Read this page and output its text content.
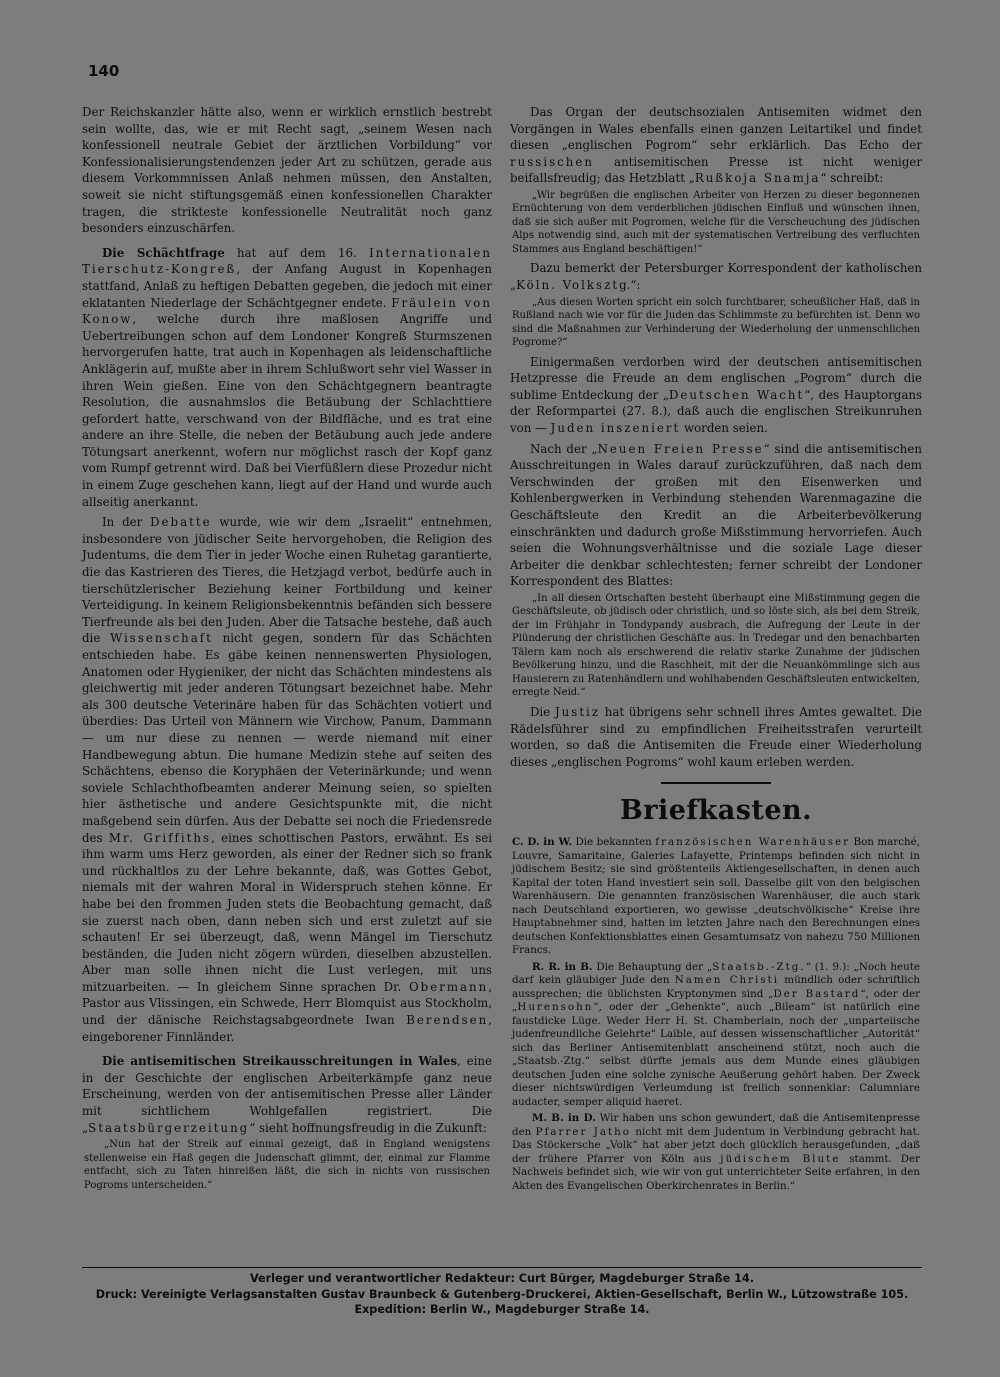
140

Der Reichskanzler hätte also, wenn er wirklich ernstlich bestrebt sein wollte, das, wie er mit Recht sagt, „seinem Wesen nach konfessionell neutrale Gebiet der ärztlichen Vorbildung“ vor Konfessionalisierungstendenzen jeder Art zu schützen, gerade aus diesem Vorkommnissen Anlaß nehmen müssen, den Anstalten, soweit sie nicht stiftungsgemäß einen konfessionellen Charakter tragen, die strikteste konfessionelle Neutralität noch ganz besonders einzuschärfen.

Die Schächtfrage hat auf dem 16. Internationalen Tierschutz-Kongreß, der Anfang August in Kopenhagen stattfand, Anlaß zu heftigen Debatten gegeben, die jedoch mit einer eklatanten Niederlage der Schächtgegner endete. Fräulein von Konow, welche durch ihre maßlosen Angriffe und Uebertreibungen schon auf dem Londoner Kongreß Sturmszenen hervorgerufen hatte, trat auch in Kopenhagen als leidenschaftliche Anklägerin auf, mußte aber in ihrem Schlußwort sehr viel Wasser in ihren Wein gießen. Eine von den Schächtgegnern beantragte Resolution, die ausnahmslos die Betäubung der Schlachttiere gefordert hatte, verschwand von der Bildfläche, und es trat eine andere an ihre Stelle, die neben der Betäubung auch jede andere Tötungsart anerkennt, wofern nur möglichst rasch der Kopf ganz vom Rumpf getrennt wird. Daß bei Vierfüßlern diese Prozedur nicht in einem Zuge geschehen kann, liegt auf der Hand und wurde auch allseitig anerkannt.

In der Debatte wurde, wie wir dem „Israelit“ entnehmen, insbesondere von jüdischer Seite hervorgehoben, die Religion des Judentums, die dem Tier in jeder Woche einen Ruhetag garantierte, die das Kastrieren des Tieres, die Hetzjagd verbot, bedürfe auch in tierschützlerischer Beziehung keiner Fortbildung und keiner Verteidigung. In keinem Religionsbekenntnis befänden sich bessere Tierfreunde als bei den Juden. Aber die Tatsache bestehe, daß auch die Wissenschaft nicht gegen, sondern für das Schächten entschieden habe. Es gäbe keinen nennenswerten Physiologen, Anatomen oder Hygieniker, der nicht das Schächten mindestens als gleichwertig mit jeder anderen Tötungsart bezeichnet habe. Mehr als 300 deutsche Veterinäre haben für das Schächten votiert und überdies: Das Urteil von Männern wie Virchow, Panum, Dammann — um nur diese zu nennen — werde niemand mit einer Handbewegung abtun. Die humane Medizin stehe auf seiten des Schächtens, ebenso die Koryphäen der Veterinärkunde; und wenn soviele Schlachthofbeamten anderer Meinung seien, so spielten hier ästhetische und andere Gesichtspunkte mit, die nicht maßgebend sein dürfen. Aus der Debatte sei noch die Friedensrede des Mr. Griffiths, eines schottischen Pastors, erwähnt. Es sei ihm warm ums Herz geworden, als einer der Redner sich so frank und rückhaltlos zu der Lehre bekannte, daß, was Gottes Gebot, niemals mit der wahren Moral in Widerspruch stehen könne. Er habe bei den frommen Juden stets die Beobachtung gemacht, daß sie zuerst nach oben, dann neben sich und erst zuletzt auf sie schauten! Er sei überzeugt, daß, wenn Mängel im Tierschutz beständen, die Juden nicht zögern würden, dieselben abzustellen. Aber man solle ihnen nicht die Lust verlegen, mit uns mitzuarbeiten. — In gleichem Sinne sprachen Dr. Obermann, Pastor aus Vlissingen, ein Schwede, Herr Blomquist aus Stockholm, und der dänische Reichstagsabgeordnete Iwan Berendsen, eingeborener Finnländer.

Die antisemitischen Streikausschreitungen in Wales, eine in der Geschichte der englischen Arbeiterkämpfe ganz neue Erscheinung, werden von der antisemitischen Presse aller Länder mit sichtlichem Wohlgefallen registriert. Die „Staatsbürgerzeitung“ sieht hoffnungsfreudig in die Zukunft:

„Nun hat der Streik auf einmal gezeigt, daß in England wenigstens stellenweise ein Haß gegen die Judenschaft glimmt, der, einmal zur Flamme entfacht, sich zu Taten hinreißen läßt, die sich in nichts von russischen Pogroms unterscheiden.“

Das Organ der deutschsozialen Antisemiten widmet den Vorgängen in Wales ebenfalls einen ganzen Leitartikel und findet diesen „englischen Pogrom“ sehr erklärlich. Das Echo der russischen antisemitischen Presse ist nicht weniger beifallsfreudig; das Hetzblatt „Rußkoja Snamja“ schreibt:

„Wir begrüßen die englischen Arbeiter von Herzen zu dieser begonnenen Ernüchterung von dem verderblichen jüdischen Einfluß und wünschen ihnen, daß sie sich außer mit Pogromen, welche für die Verscheuchung des jüdischen Alps notwendig sind, auch mit der systematischen Vertreibung des verfluchten Stammes aus England beschäftigen!“

Dazu bemerkt der Petersburger Korrespondent der katholischen „Köln. Volksztg.“:

„Aus diesen Worten spricht ein solch furchtbarer, scheußlicher Haß, daß in Rußland nach wie vor für die Juden das Schlimmste zu befürchten ist. Denn wo sind die Maßnahmen zur Verhinderung der Wiederholung der unmenschlichen Pogrome?“

Einigermaßen verdorben wird der deutschen antisemitischen Hetzpresse die Freude an dem englischen „Pogrom“ durch die sublime Entdeckung der „Deutschen Wacht“, des Hauptorgans der Reformpartei (27. 8.), daß auch die englischen Streikunruhen von — Juden inszeniert worden seien.

Nach der „Neuen Freien Presse“ sind die antisemitischen Ausschreitungen in Wales darauf zurückzuführen, daß nach dem Verschwinden der großen mit den Eisenwerken und Kohlenbergwerken in Verbindung stehenden Warenmagazine die Geschäftsleute den Kredit an die Arbeiterbevölkerung einschränkten und dadurch große Mißstimmung hervorriefen. Auch seien die Wohnungsverhältnisse und die soziale Lage dieser Arbeiter die denkbar schlechtesten; ferner schreibt der Londoner Korrespondent des Blattes:

„In all diesen Ortschaften besteht überhaupt eine Mißstimmung gegen die Geschäftsleute, ob jüdisch oder christlich, und so löste sich, als bei dem Streik, der im Frühjahr in Tondypandy ausbrach, die Aufregung der Leute in der Plünderung der christlichen Geschäfte aus. In Tredegar und den benachbarten Tälern kam noch als erschwerend die relativ starke Zunahme der jüdischen Bevölkerung hinzu, und die Raschheit, mit der die Neuankömmlinge sich aus Hausierern zu Ratenhändlern und wohlhabenden Geschäftsleuten entwickelten, erregte Neid.“

Die Justiz hat übrigens sehr schnell ihres Amtes gewaltet. Die Rädelsführer sind zu empfindlichen Freiheitsstrafen verurteilt worden, so daß die Antisemiten die Freude einer Wiederholung dieses „englischen Pogroms“ wohl kaum erleben werden.

Briefkasten.

C. D. in W. Die bekannten französischen Warenhäuser Bon marché, Louvre, Samaritaine, Galeries Lafayette, Printemps befinden sich nicht in jüdischem Besitz; sie sind größtenteils Aktiengesellschaften, in denen auch Kapital der toten Hand investiert sein soll. Dasselbe gilt von den belgischen Warenhäusern. Die genannten französischen Warenhäuser, die auch stark nach Deutschland exportieren, wo gewisse „deutschvölkische“ Kreise ihre Hauptabnehmer sind, hatten im letzten Jahre nach den Berechnungen eines deutschen Konfektionsblattes einen Gesamtumsatz von nahezu 750 Millionen Francs.

R. R. in B. Die Behauptung der „Staatsb.-Ztg.“ (1. 9.): „Noch heute darf kein gläubiger Jude den Namen Christi mündlich oder schriftlich aussprechen; die üblichsten Kryptonymen sind „Der Bastard“, oder der „Hurensohn“, oder der „Gehenkte“, auch „Bileam“ ist natürlich eine faustdicke Lüge. Weder Herr H. St. Chamberlain, noch der „unparteiische judenfreundliche Gelehrte“ Laible, auf dessen wissenschaftlicher „Autorität“ sich das Berliner Antisemitenblatt anscheinend stützt, noch auch die „Staatsb.-Ztg.“ selbst dürfte jemals aus dem Munde eines gläubigen deutschen Juden eine solche zynische Aeußerung gehört haben. Der Zweck dieser nichtswürdigen Verleumdung ist freilich sonnenklar: Calumniare audacter, semper aliquid haeret.

M. B. in D. Wir haben uns schon gewundert, daß die Antisemitenpresse den Pfarrer Jatho nicht mit dem Judentum in Verbindung gebracht hat. Das Stöckersche „Volk“ hat aber jetzt doch glücklich herausgefunden, „daß der frühere Pfarrer von Köln aus jüdischem Blute stammt. Der Nachweis befindet sich, wie wir von gut unterrichteter Seite erfahren, in den Akten des Evangelischen Oberkirchenrates in Berlin.“

Verleger und verantwortlicher Redakteur: Curt Bürger, Magdeburger Straße 14.
Druck: Vereinigte Verlagsanstalten Gustav Braunbeck & Gutenberg-Druckerei, Aktien-Gesellschaft, Berlin W., Lützowstraße 105.
Expedition: Berlin W., Magdeburger Straße 14.
